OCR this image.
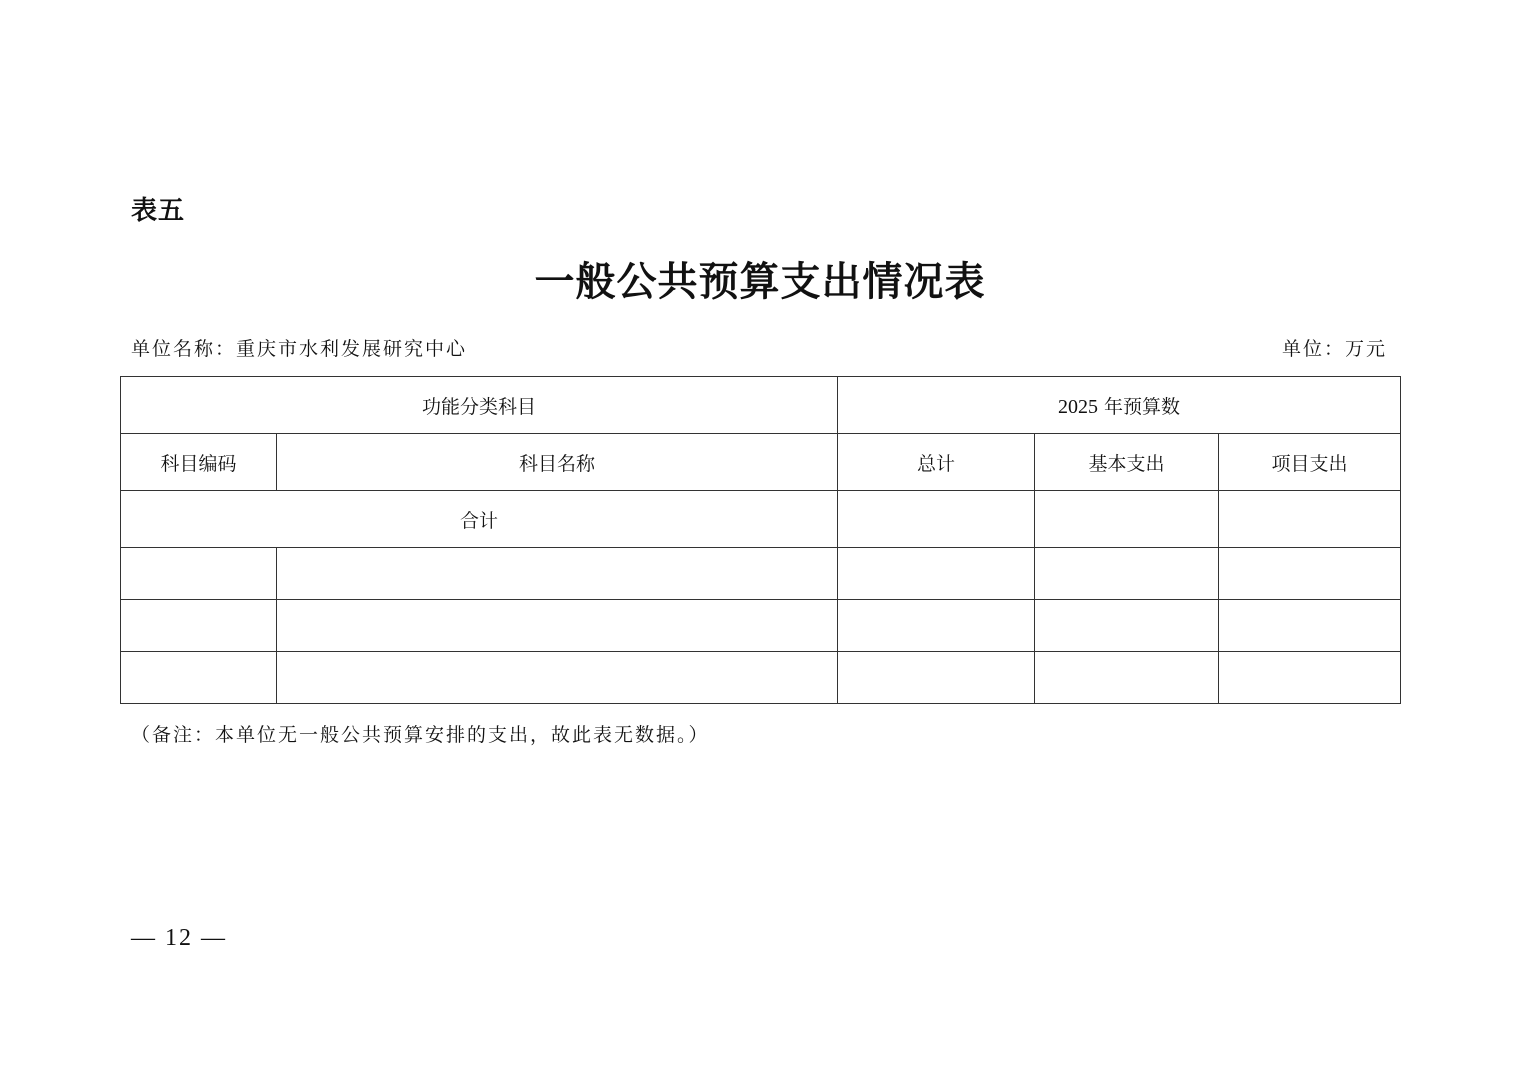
表五
一般公共预算支出情况表
单位名称：重庆市水利发展研究中心	单位：万元
功能分类科目		2025 年预算数		
科目编码	科目名称	总计	基本支出	项目支出
合计				

（备注：本单位无一般公共预算安排的支出，故此表无数据。）
— 12 —
